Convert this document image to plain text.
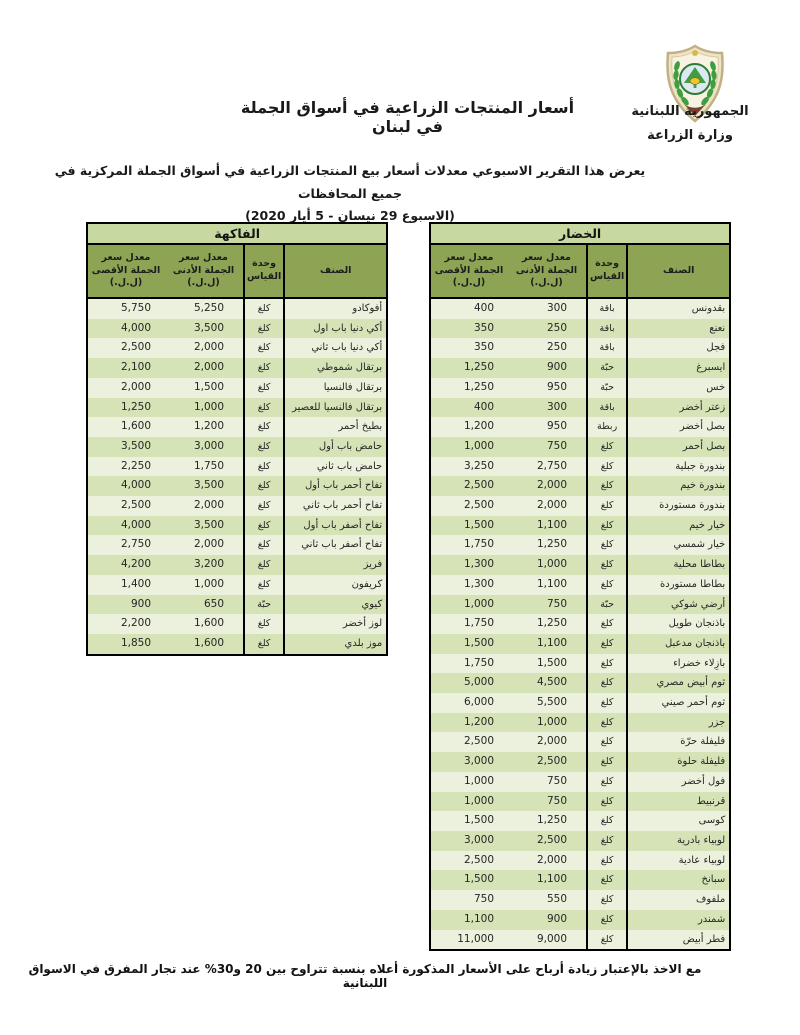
الجمهورية اللبنانية
وزارة الزراعة
أسعار المنتجات الزراعية في أسواق الجملة في لبنان
يعرض هذا التقرير الاسبوعي معدلات أسعار بيع المنتجات الزراعية في أسواق الجملة المركزية في جميع المحافظات
(الاسبوع 29 نيسان - 5 أيار 2020)
الفاكهة			
الصنف	وحدة القياس	معدل سعر الجملة الأدنى (ل.ل.)	معدل سعر الجملة الأقصى (ل.ل.)
أفوكادو	كلغ	5,250	5,750
أكي دنيا باب اول	كلغ	3,500	4,000
أكي دنيا باب ثاني	كلغ	2,000	2,500
برتقال شموطي	كلغ	2,000	2,100
برتقال فالنسيا	كلغ	1,500	2,000
برتقال فالنسيا للعصير	كلغ	1,000	1,250
بطيخ أحمر	كلغ	1,200	1,600
حامض باب أول	كلغ	3,000	3,500
حامض باب ثاني	كلغ	1,750	2,250
تفاح أحمر باب أول	كلغ	3,500	4,000
تفاح أحمر باب ثاني	كلغ	2,000	2,500
تفاح أصفر باب أول	كلغ	3,500	4,000
تفاح أصفر باب ثاني	كلغ	2,000	2,750
فريز	كلغ	3,200	4,200
كريفون	كلغ	1,000	1,400
كيوي	حبّة	650	900
لوز أخضر	كلغ	1,600	2,200
موز بلدي	كلغ	1,600	1,850
الخضار			
الصنف	وحدة القياس	معدل سعر الجملة الأدنى (ل.ل.)	معدل سعر الجملة الأقصى (ل.ل.)
بقدونس	باقة	300	400
نعنع	باقة	250	350
فجل	باقة	250	350
ايسبرغ	حبّة	900	1,250
خس	حبّة	950	1,250
زعتر أخضر	باقة	300	400
بصل أخضر	ربطة	950	1,200
بصل أحمر	كلغ	750	1,000
بندورة جبلية	كلغ	2,750	3,250
بندورة خيم	كلغ	2,000	2,500
بندورة مستوردة	كلغ	2,000	2,500
خيار خيم	كلغ	1,100	1,500
خيار شمسي	كلغ	1,250	1,750
بطاطا محلية	كلغ	1,000	1,300
بطاطا مستوردة	كلغ	1,100	1,300
أرضي شوكي	حبّة	750	1,000
باذنجان طويل	كلغ	1,250	1,750
باذنجان مدعبل	كلغ	1,100	1,500
بازِلاء خضراء	كلغ	1,500	1,750
ثوم أبيض مصري	كلغ	4,500	5,000
ثوم أحمر صيني	كلغ	5,500	6,000
جزر	كلغ	1,000	1,200
فليفلة حرّة	كلغ	2,000	2,500
فليفلة حلوة	كلغ	2,500	3,000
فول أخضر	كلغ	750	1,000
قرنبيط	كلغ	750	1,000
كوسى	كلغ	1,250	1,500
لوبياء بادرية	كلغ	2,500	3,000
لوبياء عادية	كلغ	2,000	2,500
سبانخ	كلغ	1,100	1,500
ملفوف	كلغ	550	750
شمندر	كلغ	900	1,100
فطر أبيض	كلغ	9,000	11,000
مع الاخذ بالإعتبار زيادة أرباح على الأسعار المذكورة أعلاه بنسبة تتراوح بين 20 و30% عند تجار المفرق في الاسواق اللبنانية
